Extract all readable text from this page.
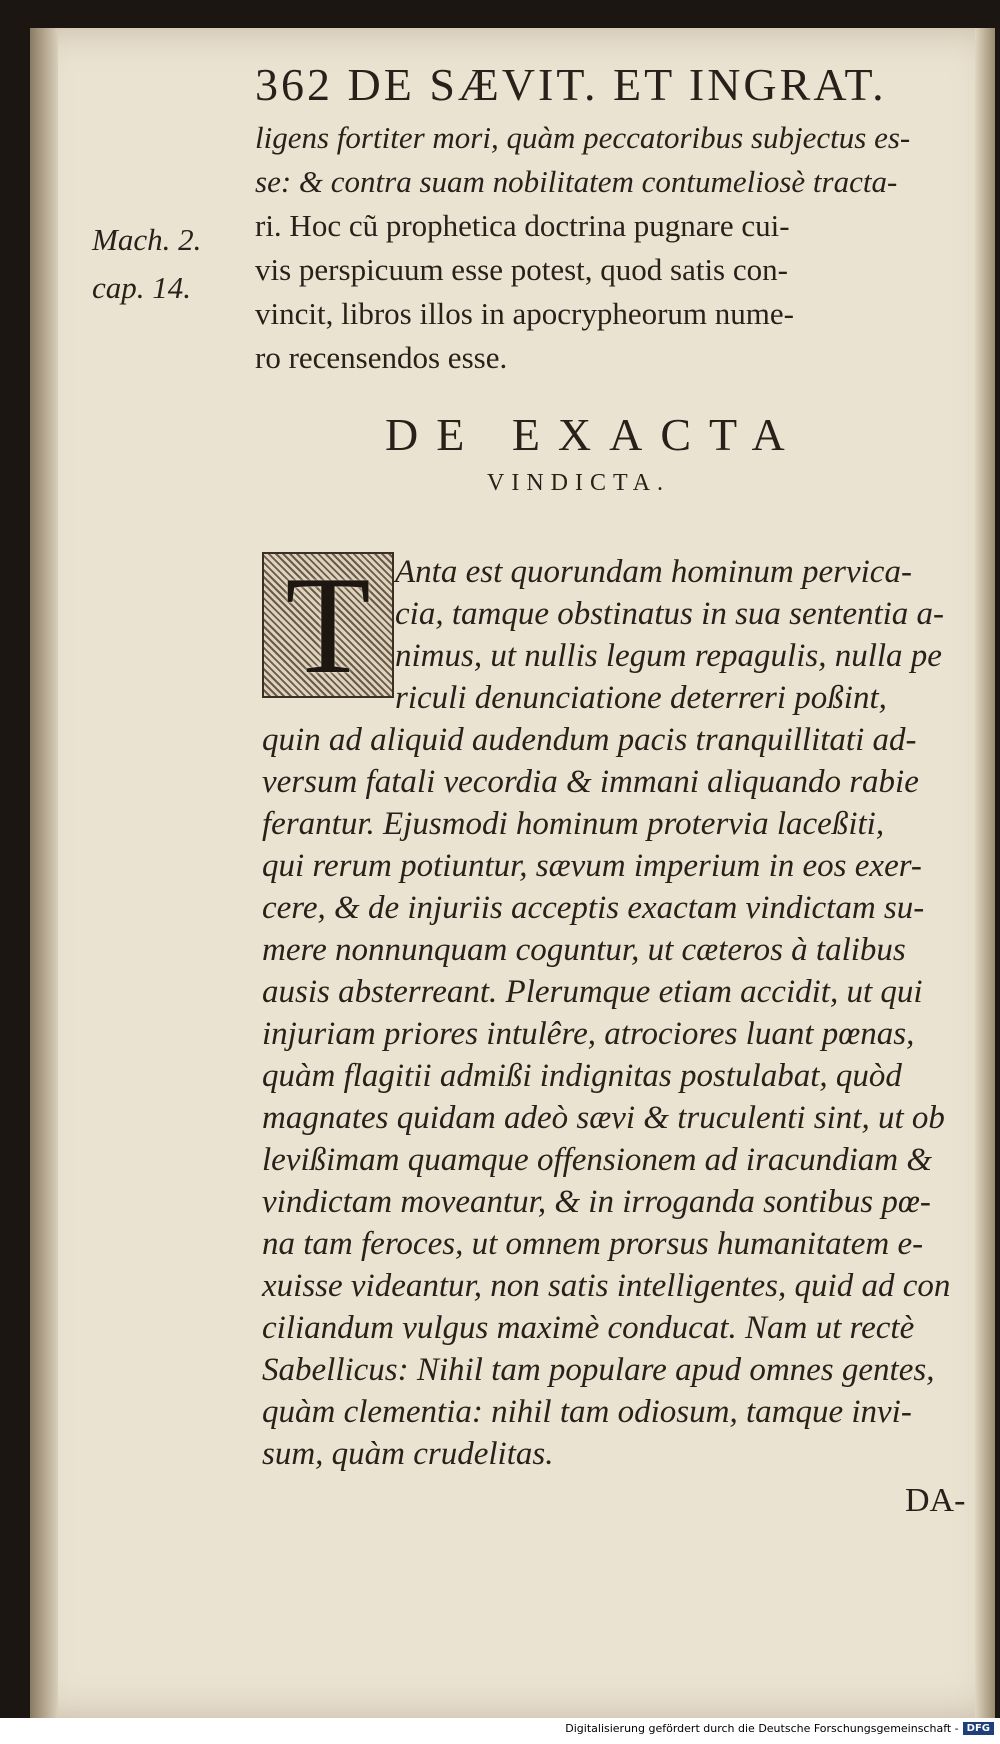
362 DE SÆVIT. ET INGRAT.
ligens fortiter mori, quàm peccatoribus subjectus es-
se: & contra suam nobilitatem contumeliosè tracta-
ri. Hoc cũ prophetica doctrina pugnare cui-
vis perspicuum esse potest, quod satis con-
vincit, libros illos in apocrypheorum nume-
ro recensendos esse.
Mach. 2.
cap. 14.
DE EXACTA
VINDICTA.
T Anta est quorundam hominum pervica-
cia, tamque obstinatus in sua sententia a-
nimus, ut nullis legum repagulis, nulla pe
riculi denunciatione deterreri poßint,
quin ad aliquid audendum pacis tranquillitati ad-
versum fatali vecordia & immani aliquando rabie
ferantur. Ejusmodi hominum protervia laceßiti,
qui rerum potiuntur, sævum imperium in eos exer-
cere, & de injuriis acceptis exactam vindictam su-
mere nonnunquam coguntur, ut cæteros à talibus
ausis absterreant. Plerumque etiam accidit, ut qui
injuriam priores intulêre, atrociores luant pœnas,
quàm flagitii admißi indignitas postulabat, quòd
magnates quidam adeò sævi & truculenti sint, ut ob
levißimam quamque offensionem ad iracundiam &
vindictam moveantur, & in irroganda sontibus pœ-
na tam feroces, ut omnem prorsus humanitatem e-
xuisse videantur, non satis intelligentes, quid ad con
ciliandum vulgus maximè conducat. Nam ut rectè
Sabellicus: Nihil tam populare apud omnes gentes,
quàm clementia: nihil tam odiosum, tamque invi-
sum, quàm crudelitas.
DA-
Digitalisierung gefördert durch die Deutsche Forschungsgemeinschaft - DFG
